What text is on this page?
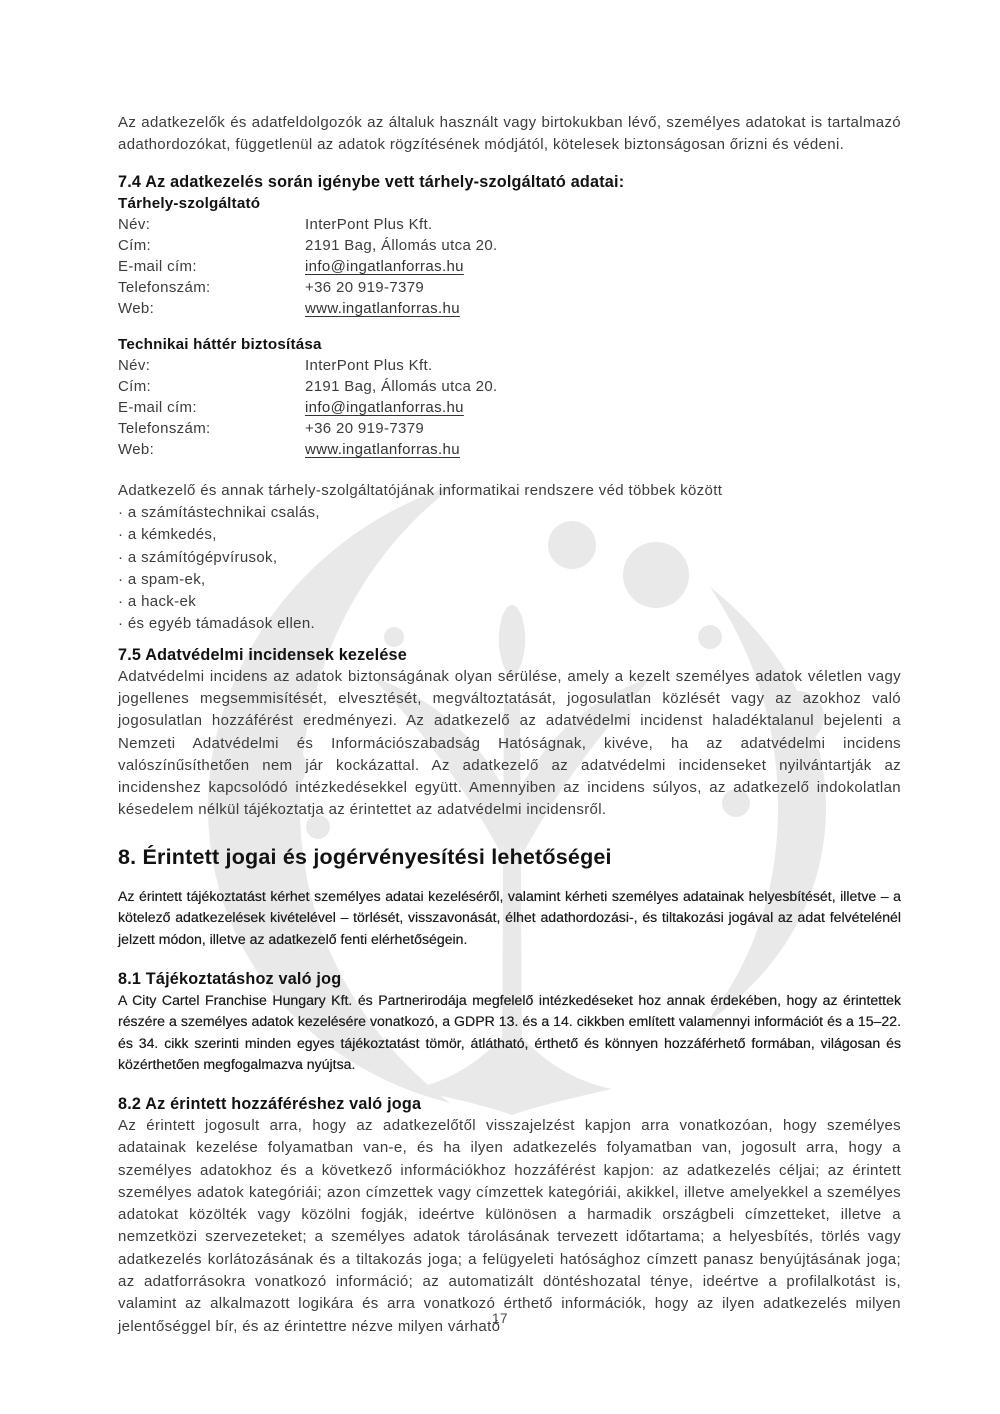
Az adatkezelők és adatfeldolgozók az általuk használt vagy birtokukban lévő, személyes adatokat is tartalmazó adathordozókat, függetlenül az adatok rögzítésének módjától, kötelesek biztonságosan őrizni és védeni.

7.4 Az adatkezelés során igénybe vett tárhely-szolgáltató adatai:
Tárhely-szolgáltató
Név:	InterPont Plus Kft.
Cím:	2191 Bag, Állomás utca 20.
E-mail cím:	info@ingatlanforras.hu
Telefonszám:	+36 20 919-7379
Web:	www.ingatlanforras.hu
Technikai háttér biztosítása
Név:	InterPont Plus Kft.
Cím:	2191 Bag, Állomás utca 20.
E-mail cím:	info@ingatlanforras.hu
Telefonszám:	+36 20 919-7379
Web:	www.ingatlanforras.hu

Adatkezelő és annak tárhely-szolgáltatójának informatikai rendszere véd többek között

· a számítástechnikai csalás,

· a kémkedés,

· a számítógépvírusok,

· a spam-ek,

· a hack-ek

· és egyéb támadások ellen.

7.5 Adatvédelmi incidensek kezelése

Adatvédelmi incidens az adatok biztonságának olyan sérülése, amely a kezelt személyes adatok véletlen vagy jogellenes megsemmisítését, elvesztését, megváltoztatását, jogosulatlan közlését vagy az azokhoz való jogosulatlan hozzáférést eredményezi. Az adatkezelő az adatvédelmi incidenst haladéktalanul bejelenti a Nemzeti Adatvédelmi és Információszabadság Hatóságnak, kivéve, ha az adatvédelmi incidens valószínűsíthetően nem jár kockázattal. Az adatkezelő az adatvédelmi incidenseket nyilvántartják az incidenshez kapcsolódó intézkedésekkel együtt. Amennyiben az incidens súlyos, az adatkezelő indokolatlan késedelem nélkül tájékoztatja az érintettet az adatvédelmi incidensről.

8. Érintett jogai és jogérvényesítési lehetőségei

Az érintett tájékoztatást kérhet személyes adatai kezeléséről, valamint kérheti személyes adatainak helyesbítését, illetve – a kötelező adatkezelések kivételével – törlését, visszavonását, élhet adathordozási-, és tiltakozási jogával az adat felvételénél jelzett módon, illetve az adatkezelő fenti elérhetőségein.

8.1 Tájékoztatáshoz való jog

A City Cartel Franchise Hungary Kft. és Partnerirodája megfelelő intézkedéseket hoz annak érdekében, hogy az érintettek részére a személyes adatok kezelésére vonatkozó, a GDPR 13. és a 14. cikkben említett valamennyi információt és a 15–22. és 34. cikk szerinti minden egyes tájékoztatást tömör, átlátható, érthető és könnyen hozzáférhető formában, világosan és közérthetően megfogalmazva nyújtsa.

8.2 Az érintett hozzáféréshez való joga

Az érintett jogosult arra, hogy az adatkezelőtől visszajelzést kapjon arra vonatkozóan, hogy személyes adatainak kezelése folyamatban van-e, és ha ilyen adatkezelés folyamatban van, jogosult arra, hogy a személyes adatokhoz és a következő információkhoz hozzáférést kapjon: az adatkezelés céljai; az érintett személyes adatok kategóriái; azon címzettek vagy címzettek kategóriái, akikkel, illetve amelyekkel a személyes adatokat közölték vagy közölni fogják, ideértve különösen a harmadik országbeli címzetteket, illetve a nemzetközi szervezeteket; a személyes adatok tárolásának tervezett időtartama; a helyesbítés, törlés vagy adatkezelés korlátozásának és a tiltakozás joga; a felügyeleti hatósághoz címzett panasz benyújtásának joga; az adatforrásokra vonatkozó információ; az automatizált döntéshozatal ténye, ideértve a profilalkotást is, valamint az alkalmazott logikára és arra vonatkozó érthető információk, hogy az ilyen adatkezelés milyen jelentőséggel bír, és az érintettre nézve milyen várható

17
